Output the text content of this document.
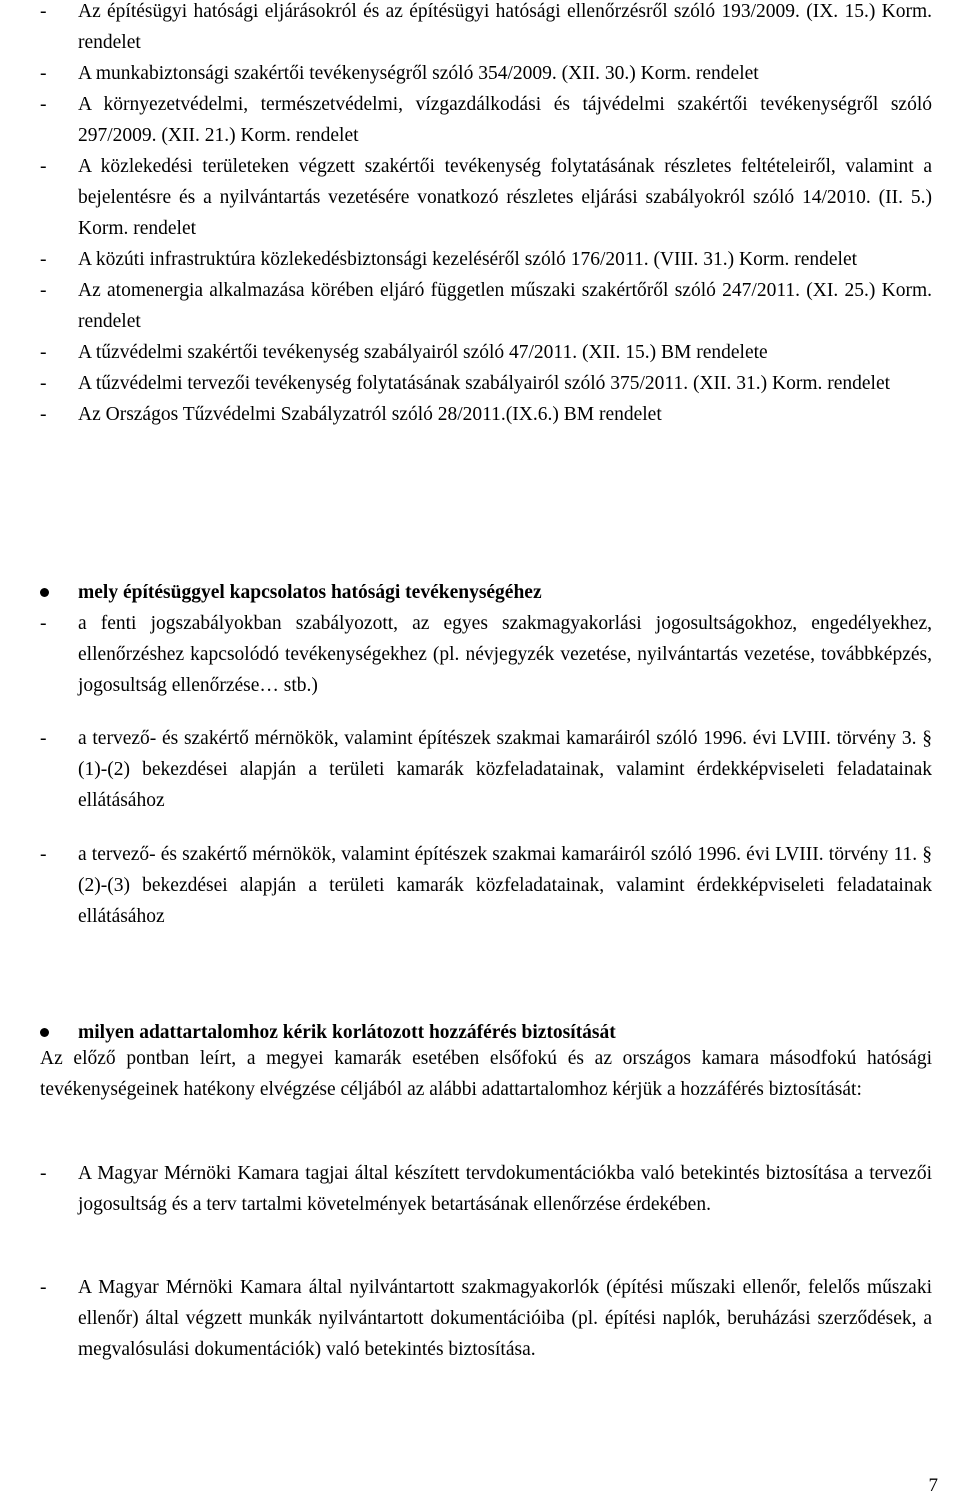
- Az építésügyi hatósági eljárásokról és az építésügyi hatósági ellenőrzésről szóló 193/2009. (IX. 15.) Korm. rendelet
- A munkabiztonsági szakértői tevékenységről szóló 354/2009. (XII. 30.) Korm. rendelet
- A környezetvédelmi, természetvédelmi, vízgazdálkodási és tájvédelmi szakértői tevékenységről szóló 297/2009. (XII. 21.) Korm. rendelet
- A közlekedési területeken végzett szakértői tevékenység folytatásának részletes feltételeiről, valamint a bejelentésre és a nyilvántartás vezetésére vonatkozó részletes eljárási szabályokról szóló 14/2010. (II. 5.) Korm. rendelet
- A közúti infrastruktúra közlekedésbiztonsági kezeléséről szóló 176/2011. (VIII. 31.) Korm. rendelet
- Az atomenergia alkalmazása körében eljáró független műszaki szakértőről szóló 247/2011. (XI. 25.) Korm. rendelet
- A tűzvédelmi szakértői tevékenység szabályairól szóló 47/2011. (XII. 15.) BM rendelete
- A tűzvédelmi tervezői tevékenység folytatásának szabályairól szóló 375/2011. (XII. 31.) Korm. rendelet
- Az Országos Tűzvédelmi Szabályzatról szóló 28/2011.(IX.6.) BM rendelet
mely építésüggyel kapcsolatos hatósági tevékenységéhez
- a fenti jogszabályokban szabályozott, az egyes szakmagyakorlási jogosultságokhoz, engedélyekhez, ellenőrzéshez kapcsolódó tevékenységekhez (pl. névjegyzék vezetése, nyilvántartás vezetése, továbbképzés, jogosultság ellenőrzése… stb.)
- a tervező- és szakértő mérnökök, valamint építészek szakmai kamaráiról szóló 1996. évi LVIII. törvény 3. § (1)-(2) bekezdései alapján a területi kamarák közfeladatainak, valamint érdekképviseleti feladatainak ellátásához
- a tervező- és szakértő mérnökök, valamint építészek szakmai kamaráiról szóló 1996. évi LVIII. törvény 11. § (2)-(3) bekezdései alapján a területi kamarák közfeladatainak, valamint érdekképviseleti feladatainak ellátásához
milyen adattartalomhoz kérik korlátozott hozzáférés biztosítását
Az előző pontban leírt, a megyei kamarák esetében elsőfokú és az országos kamara másodfokú hatósági tevékenységeinek hatékony elvégzése céljából az alábbi adattartalomhoz kérjük a hozzáférés biztosítását:
- A Magyar Mérnöki Kamara tagjai által készített tervdokumentációkba való betekintés biztosítása a tervezői jogosultság és a terv tartalmi követelmények betartásának ellenőrzése érdekében.
- A Magyar Mérnöki Kamara által nyilvántartott szakmagyakorlók (építési műszaki ellenőr, felelős műszaki ellenőr) által végzett munkák nyilvántartott dokumentációiba (pl. építési naplók, beruházási szerződések, a megvalósulási dokumentációk) való betekintés biztosítása.
7
